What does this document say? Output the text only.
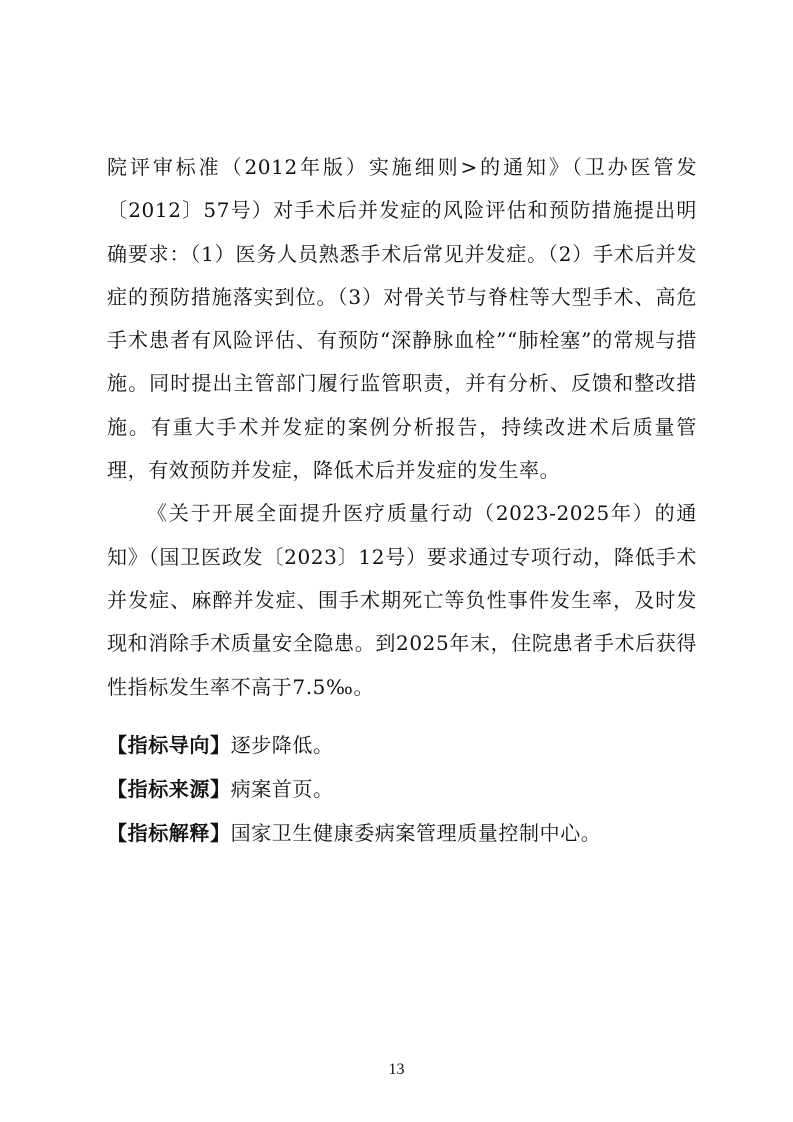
院评审标准（2012年版）实施细则>的通知》（卫办医管发〔2012〕57号）对手术后并发症的风险评估和预防措施提出明确要求：（1）医务人员熟悉手术后常见并发症。（2）手术后并发症的预防措施落实到位。（3）对骨关节与脊柱等大型手术、高危手术患者有风险评估、有预防“深静脉血栓”“肺栓塞”的常规与措施。同时提出主管部门履行监管职责，并有分析、反馈和整改措施。有重大手术并发症的案例分析报告，持续改进术后质量管理，有效预防并发症，降低术后并发症的发生率。

《关于开展全面提升医疗质量行动（2023-2025年）的通知》（国卫医政发〔2023〕12号）要求通过专项行动，降低手术并发症、麻醉并发症、围手术期死亡等负性事件发生率，及时发现和消除手术质量安全隐患。到2025年末，住院患者手术后获得性指标发生率不高于7.5‰。

【指标导向】逐步降低。

【指标来源】病案首页。

【指标解释】国家卫生健康委病案管理质量控制中心。

13
